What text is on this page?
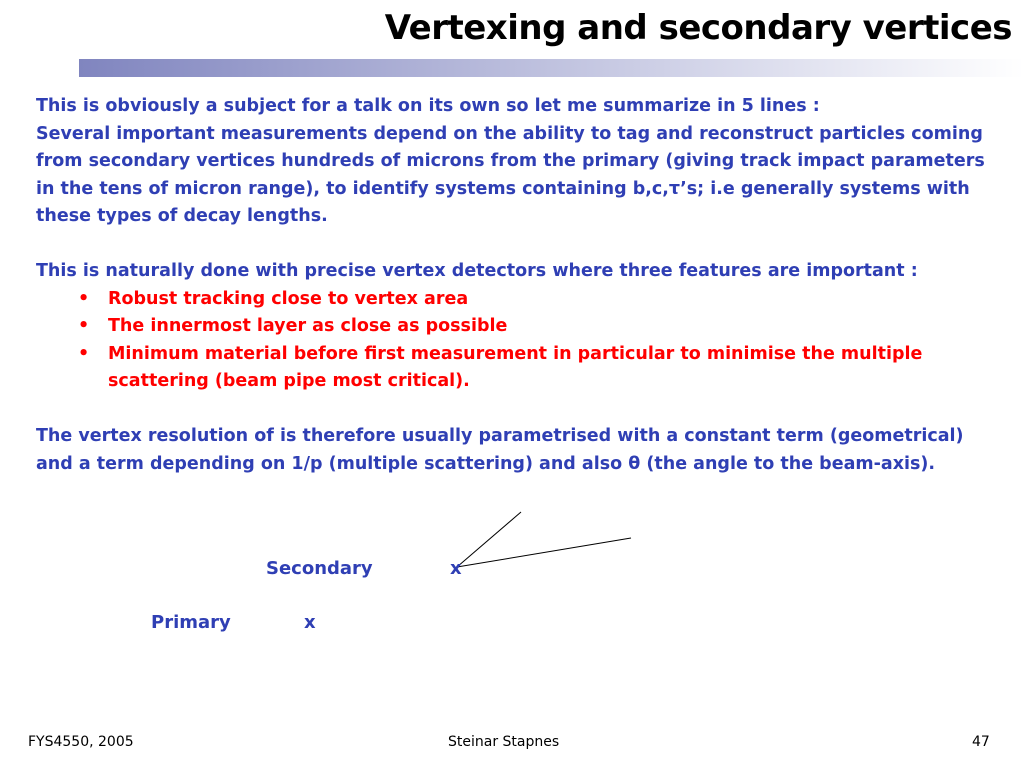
Vertexing and secondary vertices

This is obviously a subject for a talk on its own so let me summarize in 5 lines :

Several important measurements depend on the ability to tag and reconstruct particles coming from secondary vertices hundreds of microns from the primary (giving track impact parameters in the tens of micron range), to identify systems containing b,c,τ’s; i.e generally systems with these types of decay lengths.

This is naturally done with precise vertex detectors where three features are important :

• Robust tracking close to vertex area
• The innermost layer as close as possible
• Minimum material before first measurement in particular to minimise the multiple scattering (beam pipe most critical).

The vertex resolution of is therefore usually parametrised with a constant term (geometrical) and a term depending on 1/p (multiple scattering) and also θ (the angle to the beam-axis).

Secondary	x
Primary	x
FYS4550, 2005	Steinar Stapnes	47
